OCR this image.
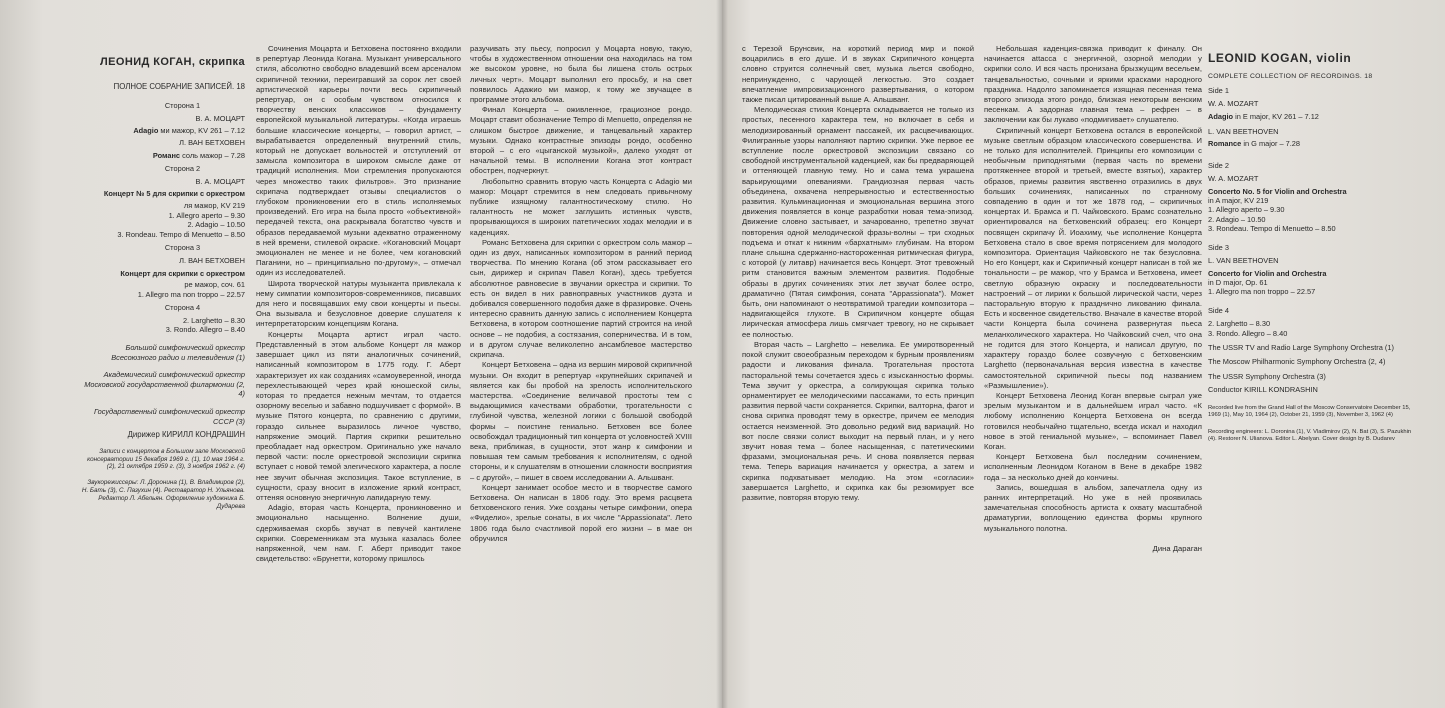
ЛЕОНИД КОГАН, скрипка
ПОЛНОЕ СОБРАНИЕ ЗАПИСЕЙ. 18
Сторона 1
В. А. МОЦАРТ
Adagio ми мажор, KV 261 – 7.12
Л. ВАН БЕТХОВЕН
Романс соль мажор – 7.28
Сторона 2
В. А. МОЦАРТ
Концерт № 5 для скрипки с оркестром
ля мажор, KV 219
1. Allegro aperto – 9.30
2. Adagio – 10.50
3. Rondeau. Tempo di Menuetto – 8.50
Сторона 3
Л. ВАН БЕТХОВЕН
Концерт для скрипки с оркестром
ре мажор, соч. 61
1. Allegro ma non troppo – 22.57
Сторона 4
2. Larghetto – 8.30
3. Rondo. Allegro – 8.40
Большой симфонический оркестр Всесоюзного радио и телевидения (1)
Академический симфонический оркестр Московской государственной филармонии (2, 4)
Государственный симфонический оркестр СССР (3)
Дирижер КИРИЛЛ КОНДРАШИН
Записи с концертов в Большом зале Московской консерватории 15 декабря 1969 г. (1), 10 мая 1964 г. (2), 21 октября 1959 г. (3), 3 ноября 1962 г. (4)
Звукорежиссеры: Л. Доронина (1), В. Владимиров (2), Н. Бать (3), С. Пазухин (4). Реставратор Н. Ульянова. Редактор Л. Абельян. Оформление художника Б. Дударева

Сочинения Моцарта и Бетховена постоянно входили в репертуар Леонида Когана. Музыкант универсального стиля, абсолютно свободно владевший всем арсеналом скрипичной техники, переигравший за сорок лет своей артистической карьеры почти весь скрипичный репертуар, он с особым чувством относился к творчеству венских классиков – фундаменту европейской музыкальной литературы. «Когда играешь большие классические концерты, – говорил артист, – вырабатывается определенный внутренний стиль, который не допускает вольностей и отступлений от замысла композитора в широком смысле даже от традиций исполнения. Мои стремления пропускаются через множество таких фильтров». Это признание скрипача подтверждает отзывы специалистов о глубоком проникновении его в стиль исполняемых произведений. Его игра на была просто «объективной» передачей текста, она раскрывала богатство чувств и образов передаваемой музыки адекватно отраженному в ней времени, стилевой окраске. «Когановский Моцарт эмоционален не менее и не более, чем когановский Паганини, но – принципиально по-другому», – отмечал один из исследователей.

Широта творческой натуры музыканта привлекала к нему симпатии композиторов-современников, писавших для него и посвящавших ему свои концерты и пьесы. Она вызывала и безусловное доверие слушателя к интерпретаторским концепциям Когана.

Концерты Моцарта артист играл часто. Представленный в этом альбоме Концерт ля мажор завершает цикл из пяти аналогичных сочинений, написанный композитором в 1775 году. Г. Аберт характеризует их как созданиях «самоуверенной, иногда перехлестывающей через край юношеской силы, которая то предается нежным мечтам, то отдается озорному веселью и забавно подшучивает с формой». В музыке Пятого концерта, по сравнению с другими, гораздо сильнее выразилось личное чувство, напряжение эмоций. Партия скрипки решительно преобладает над оркестром. Оригинально уже начало первой части: после оркестровой экспозиции скрипка вступает с новой темой элегического характера, а после нее звучит обычная экспозиция. Такое вступление, в сущности, сразу вносит в изложение яркий контраст, оттеняя основную энергичную лапидарную тему.

Adagio, вторая часть Концерта, проникновенно и эмоционально насыщенно. Волнение души, сдерживаемая скорбь звучат в певучей кантилене скрипки. Современникам эта музыка казалась более напряженной, чем нам. Г. Аберт приводит такое свидетельство: «Брунетти, которому пришлось

разучивать эту пьесу, попросил у Моцарта новую, такую, чтобы в художественном отношении она находилась на том же высоком уровне, но была бы лишена столь острых личных черт». Моцарт выполнил его просьбу, и на свет появилось Адажио ми мажор, к тому же звучащее в программе этого альбома.

Финал Концерта – оживленное, грациозное рондо. Моцарт ставит обозначение Tempo di Menuetto, определяя не слишком быстрое движение, и танцевальный характер музыки. Однако контрастные эпизоды рондо, особенно второй – с его «цыганской музыкой», далеко уходят от начальной темы. В исполнении Когана этот контраст обострен, подчеркнут.

Любопытно сравнить вторую часть Концерта с Adagio ми мажор: Моцарт стремится в нем следовать привычному публике изящному галантностическому стилю. Но галантность не может заглушить истинных чувств, прорывающихся в широких патетических ходах мелодии и в каденциях.

Романс Бетховена для скрипки с оркестром соль мажор – один из двух, написанных композитором в ранний период творчества. По мнению Когана (об этом рассказывает его сын, дирижер и скрипач Павел Коган), здесь требуется абсолютное равновесие в звучании оркестра и скрипки. То есть он видел в них равноправных участников дуэта и добивался совершенного подобия даже в фразировке. Очень интересно сравнить данную запись с исполнением Концерта Бетховена, в котором соотношение партий строится на иной основе – не подобия, а состязания, соперничества. И в том, и в другом случае великолепно ансамблевое мастерство скрипача.

Концерт Бетховена – одна из вершин мировой скрипичной музыки. Он входит в репертуар «крупнейших скрипачей и является как бы пробой на зрелость исполнительского мастерства. «Соединение величавой простоты тем с выдающимися качествами обработки, трогательности с глубиной чувства, железной логики с большой свободой формы – поистине гениально. Бетховен все более освобождал традиционный тип концерта от условностей XVIII века, приближая, в сущности, этот жанр к симфонии и повышая тем самым требования к исполнителям, с одной стороны, и к слушателям в отношении сложности восприятия – с другой», – пишет в своем исследовании А. Альшванг.

Концерт занимает особое место и в творчестве самого Бетховена. Он написан в 1806 году. Это время расцвета бетховенского гения. Уже созданы четыре симфонии, опера «Фиделио», зрелые сонаты, в их числе "Appassionata". Лето 1806 года было счастливой порой его жизни – в мае он обручился

с Терезой Брунсвик, на короткий период мир и покой воцарились в его душе. И в звуках Скрипичного концерта словно струится солнечный свет, музыка льется свободно, непринужденно, с чарующей легкостью. Это создает впечатление импровизационного развертывания, о котором также писал цитированный выше А. Альшванг.

Мелодическая стихия Концерта складывается не только из простых, песенного характера тем, но включает в себя и мелодизированный орнамент пассажей, их расцвечивающих. Филигранные узоры наполняют партию скрипки. Уже первое ее вступление после оркестровой экспозиции связано со свободной инструментальной каденцией, как бы предваряющей и оттеняющей главную тему. Но и сама тема украшена варьирующими опеваниями. Грандиозная первая часть объединена, охвачена непрерывностью и естественностью развития. Кульминационная и эмоциональная вершина этого движения появляется в конце разработки новая тема-эпизод. Движение словно застывает, и зачарованно, трепетно звучат повторения одной мелодической фразы-волны – три сходных подъема и откат к нижним «бархатным» глубинам. На втором плане слышна сдержанно-настороженная ритмическая фигура, с которой (у литавр) начинается весь Концерт. Этот тревожный ритм становится важным элементом развития. Подобные образы в других сочинениях этих лет звучат более остро, драматично (Пятая симфония, соната "Appassionata"). Может быть, они напоминают о неотвратимой трагедии композитора – надвигающейся глухоте. В Скрипичном концерте общая лирическая атмосфера лишь смягчает тревогу, но не скрывает ее полностью.

Вторая часть – Larghetto – невелика. Ее умиротворенный покой служит своеобразным переходом к бурным проявлениям радости и ликования финала. Трогательная простота пасторальной темы сочетается здесь с изысканностью формы. Тема звучит у оркестра, а солирующая скрипка только орнаментирует ее мелодическими пассажами, то есть принцип развития первой части сохраняется. Скрипки, валторна, фагот и снова скрипка проводят тему в оркестре, причем ее мелодия остается неизменной. Это довольно редкий вид вариаций. Но вот после связки солист выходит на первый план, и у него звучит новая тема – более насыщенная, с патетическими фразами, эмоциональная речь. И снова появляется первая тема. Теперь вариация начинается у оркестра, а затем и скрипка подхватывает мелодию. На этом «согласии» завершается Larghetto, и скрипка как бы резюмирует все развитие, повторяя вторую тему.

Небольшая каденция-связка приводит к финалу. Он начинается attacca с энергичной, озорной мелодии у скрипки соло. И вся часть пронизана брызжущим весельем, танцевальностью, сочными и яркими красками народного праздника. Надолго запоминается изящная песенная тема второго эпизода этого рондо, близкая некоторым венским песенкам. А задорная главная тема – рефрен – в заключении как бы лукаво «подмигивает» слушателю.

Скрипичный концерт Бетховена остался в европейской музыке светлым образцом классического совершенства. И не только для исполнителей. Принципы его композиции с необычным приподнятыми (первая часть по времени протяженнее второй и третьей, вместе взятых), характер образов, приемы развития явственно отразились в двух больших сочинениях, написанных по странному совпадению в один и тот же 1878 год, – скрипичных концертах И. Брамса и П. Чайковского. Брамс сознательно ориентировался на бетховенский образец: его Концерт посвящен скрипачу Й. Иоахиму, чье исполнение Концерта Бетховена стало в свое время потрясением для молодого композитора. Ориентация Чайковского не так безусловна. Но его Концерт, как и Скрипичный концерт написан в той же тональности – ре мажор, что у Брамса и Бетховена, имеет светлую образную окраску и последовательности настроений – от лирики к большой лирической части, через пасторальную вторую к празднично ликованию финала. Есть и косвенное свидетельство. Вначале в качестве второй части Концерта была сочинена развернутая пьеса меланхолического характера. Но Чайковский счел, что она не годится для этого Концерта, и написал другую, по характеру гораздо более созвучную с бетховенским Larghetto (первоначальная версия известна в качестве самостоятельной скрипичной пьесы под названием «Размышление»).

Концерт Бетховена Леонид Коган впервые сыграл уже зрелым музыкантом и в дальнейшем играл часто. «К любому исполнению Концерта Бетховена он всегда готовился необычайно тщательно, всегда искал и находил новое в этой гениальной музыке», – вспоминает Павел Коган.

Концерт Бетховена был последним сочинением, исполненным Леонидом Коганом в Вене в декабре 1982 года – за несколько дней до кончины.

Запись, вошедшая в альбом, запечатлела одну из ранних интерпретаций. Но уже в ней проявилась замечательная способность артиста к охвату масштабной драматургии, воплощению единства формы крупного музыкального полотна.

Дина Дараган

LEONID KOGAN, violin
COMPLETE COLLECTION OF RECORDINGS. 18
Side 1
W. A. MOZART
Adagio in E major, KV 261 – 7.12
L. VAN BEETHOVEN
Romance in G major – 7.28
Side 2
W. A. MOZART
Concerto No. 5 for Violin and Orchestra
in A major, KV 219
1. Allegro aperto – 9.30
2. Adagio – 10.50
3. Rondeau. Tempo di Menuetto – 8.50
Side 3
L. VAN BEETHOVEN
Concerto for Violin and Orchestra
in D major, Op. 61
1. Allegro ma non troppo – 22.57
Side 4
2. Larghetto – 8.30
3. Rondo. Allegro – 8.40
The USSR TV and Radio Large Symphony Orchestra (1)
The Moscow Philharmonic Symphony Orchestra (2, 4)
The USSR Symphony Orchestra (3)
Conductor KIRILL KONDRASHIN
Recorded live from the Grand Hall of the Moscow Conservatoire December 15, 1969 (1), May 10, 1964 (2), October 21, 1959 (3), November 3, 1962 (4)
Recording engineers: L. Doronina (1), V. Vladimirov (2), N. Bat (3), S. Pazukhin (4). Restorer N. Ulianova. Editor L. Abelyan. Cover design by B. Dudarev
